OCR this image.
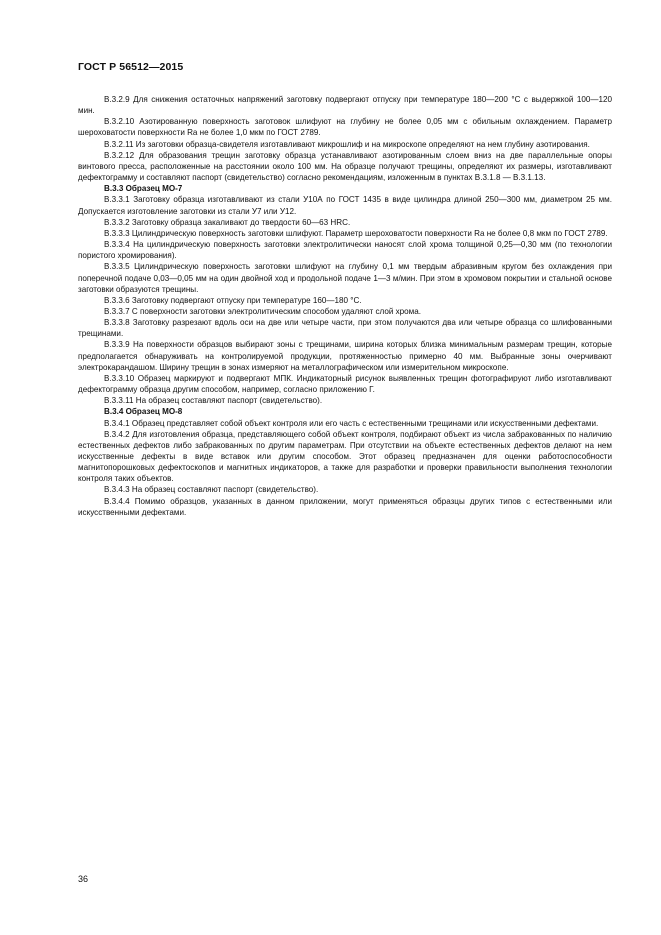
ГОСТ Р 56512—2015

В.3.2.9 Для снижения остаточных напряжений заготовку подвергают отпуску при температуре 180—200 °С с выдержкой 100—120 мин.

В.3.2.10 Азотированную поверхность заготовок шлифуют на глубину не более 0,05 мм с обильным охлаждением. Параметр шероховатости поверхности Rа не более 1,0 мкм по ГОСТ 2789.

В.3.2.11 Из заготовки образца-свидетеля изготавливают микрошлиф и на микроскопе определяют на нем глубину азотирования.

В.3.2.12 Для образования трещин заготовку образца устанавливают азотированным слоем вниз на две параллельные опоры винтового пресса, расположенные на расстоянии около 100 мм. На образце получают трещины, определяют их размеры, изготавливают дефектограмму и составляют паспорт (свидетельство) согласно рекомендациям, изложенным в пунктах В.3.1.8 — В.3.1.13.

В.3.3 Образец МО-7

В.3.3.1 Заготовку образца изготавливают из стали У10А по ГОСТ 1435 в виде цилиндра длиной 250—300 мм, диаметром 25 мм. Допускается изготовление заготовки из стали У7 или У12.

В.3.3.2 Заготовку образца закаливают до твердости 60—63 HRC.

В.3.3.3 Цилиндрическую поверхность заготовки шлифуют. Параметр шероховатости поверхности Rа не более 0,8 мкм по ГОСТ 2789.

В.3.3.4 На цилиндрическую поверхность заготовки электролитически наносят слой хрома толщиной 0,25—0,30 мм (по технологии пористого хромирования).

В.3.3.5 Цилиндрическую поверхность заготовки шлифуют на глубину 0,1 мм твердым абразивным кругом без охлаждения при поперечной подаче 0,03—0,05 мм на один двойной ход и продольной подаче 1—3 м/мин. При этом в хромовом покрытии и стальной основе заготовки образуются трещины.

В.3.3.6 Заготовку подвергают отпуску при температуре 160—180 °С.

В.3.3.7 С поверхности заготовки электролитическим способом удаляют слой хрома.

В.3.3.8 Заготовку разрезают вдоль оси на две или четыре части, при этом получаются два или четыре образца со шлифованными трещинами.

В.3.3.9 На поверхности образцов выбирают зоны с трещинами, ширина которых близка минимальным размерам трещин, которые предполагается обнаруживать на контролируемой продукции, протяженностью примерно 40 мм. Выбранные зоны очерчивают электрокарандашом. Ширину трещин в зонах измеряют на металлографическом или измерительном микроскопе.

В.3.3.10 Образец маркируют и подвергают МПК. Индикаторный рисунок выявленных трещин фотографируют либо изготавливают дефектограмму образца другим способом, например, согласно приложению Г.

В.3.3.11 На образец составляют паспорт (свидетельство).

В.3.4 Образец МО-8

В.3.4.1 Образец представляет собой объект контроля или его часть с естественными трещинами или искусственными дефектами.

В.3.4.2 Для изготовления образца, представляющего собой объект контроля, подбирают объект из числа забракованных по наличию естественных дефектов либо забракованных по другим параметрам. При отсутствии на объекте естественных дефектов делают на нем искусственные дефекты в виде вставок или другим способом. Этот образец предназначен для оценки работоспособности магнитопорошковых дефектоскопов и магнитных индикаторов, а также для разработки и проверки правильности выполнения технологии контроля таких объектов.

В.3.4.3 На образец составляют паспорт (свидетельство).

В.3.4.4 Помимо образцов, указанных в данном приложении, могут применяться образцы других типов с естественными или искусственными дефектами.

36
